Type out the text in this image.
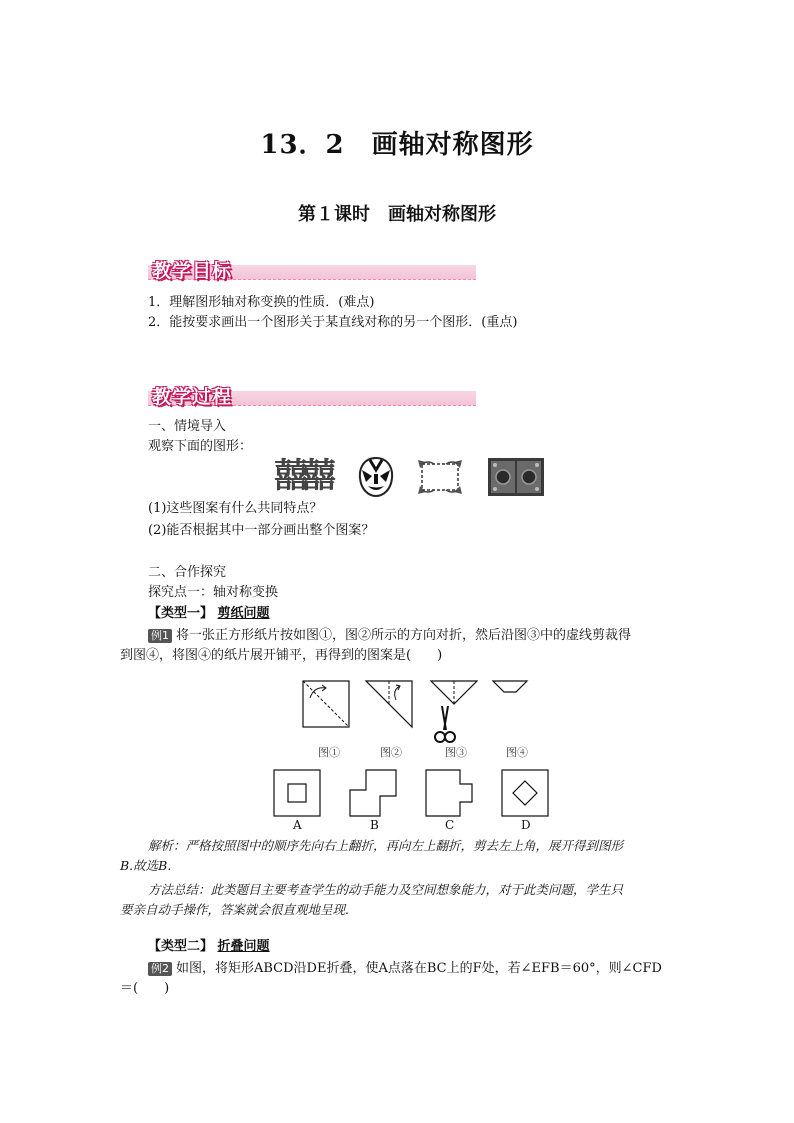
13．2　画轴对称图形
第１课时　画轴对称图形
教学目标
1．理解图形轴对称变换的性质．(难点)
2．能按要求画出一个图形关于某直线对称的另一个图形．(重点)
教学过程
一、情境导入
观察下面的图形：
囍囍
(1)这些图案有什么共同特点？
(2)能否根据其中一部分画出整个图案？
二、合作探究
探究点一：轴对称变换
【类型一】 剪纸问题
例1 将一张正方形纸片按如图①，图②所示的方向对折，然后沿图③中的虚线剪裁得
到图④，将图④的纸片展开铺平，再得到的图案是(　　)
图①	图②	图③	图④
A	B	C	D
解析：严格按照图中的顺序先向右上翻折，再向左上翻折，剪去左上角，展开得到图形
B.故选B.
方法总结：此类题目主要考查学生的动手能力及空间想象能力，对于此类问题，学生只
要亲自动手操作，答案就会很直观地呈现.
【类型二】 折叠问题
例2 如图，将矩形ABCD沿DE折叠，使A点落在BC上的F处，若∠EFB＝60°，则∠CFD
＝(　　)
